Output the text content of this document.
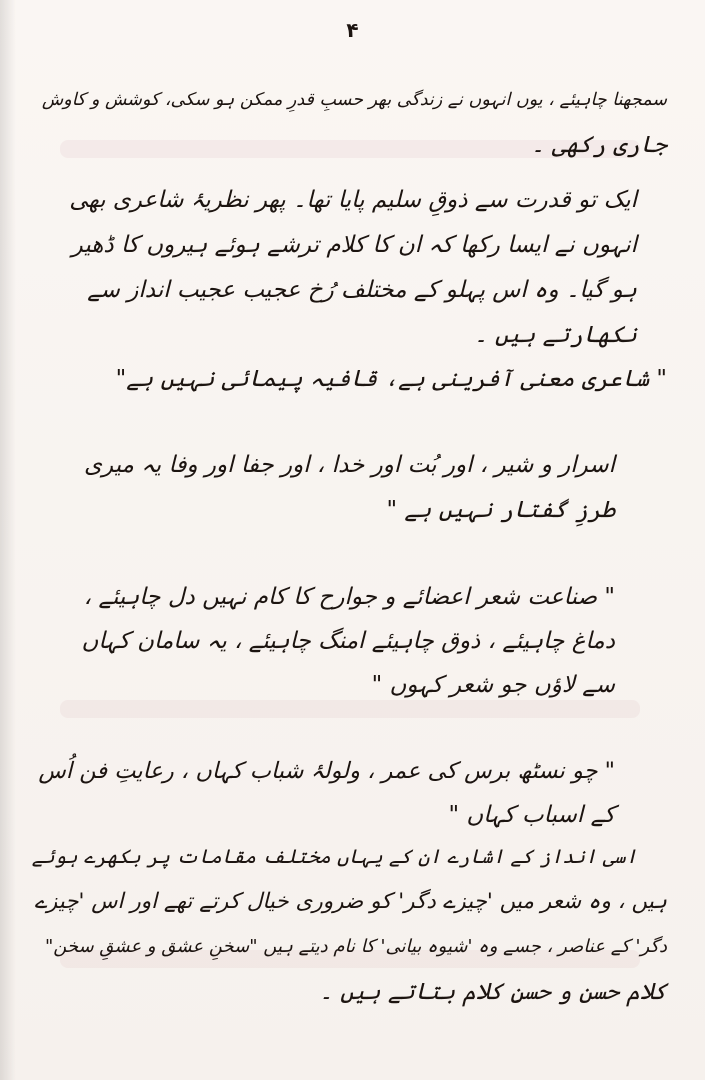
۴
سمجھنا چاہیئے ، یوں انہوں نے زندگی بھر حسبِ قدرِ ممکن ہو سکی، کوشش و کاوش
جاری رکھی ۔
ایک تو قدرت سے ذوقِ سلیم پایا تھا۔ پھر نظریۂ شاعری بھی
انہوں نے ایسا رکھا کہ ان کا کلام ترشے ہوئے ہیروں کا ڈھیر
ہو گیا۔ وہ اس پہلو کے مختلف رُخ عجیب عجیب انداز سے
نکھارتے ہیں ۔
" شاعری معنی آفرینی ہے، قافیہ پیمائی نہیں ہے"
اسرار و شیر ، اور بُت اور خدا ، اور جفا اور وفا یہ میری
طرزِ گفتار نہیں ہے "
" صناعت شعر اعضائے و جوارح کا کام نہیں دل چاہیئے ،
دماغ چاہیئے ، ذوق چاہیئے امنگ چاہیئے ، یہ سامان کہاں
سے لاؤں جو شعر کہوں "
" چو نسٹھ برس کی عمر ، ولولۂ شباب کہاں ، رعایتِ فن اُس
کے اسباب کہاں "
اسی انداز کے اشارے ان کے یہاں مختلف مقامات پر بکھرے ہوئے
ہیں ، وہ شعر میں 'چیزے دگر' کو ضروری خیال کرتے تھے اور اس 'چیزے
دگر' کے عناصر ، جسے وہ 'شیوہ بیانی' کا نام دیتے ہیں "سخنِ عشق و عشقِ سخن"
کلام حسن و حسنِ کلام بتاتے ہیں ۔
